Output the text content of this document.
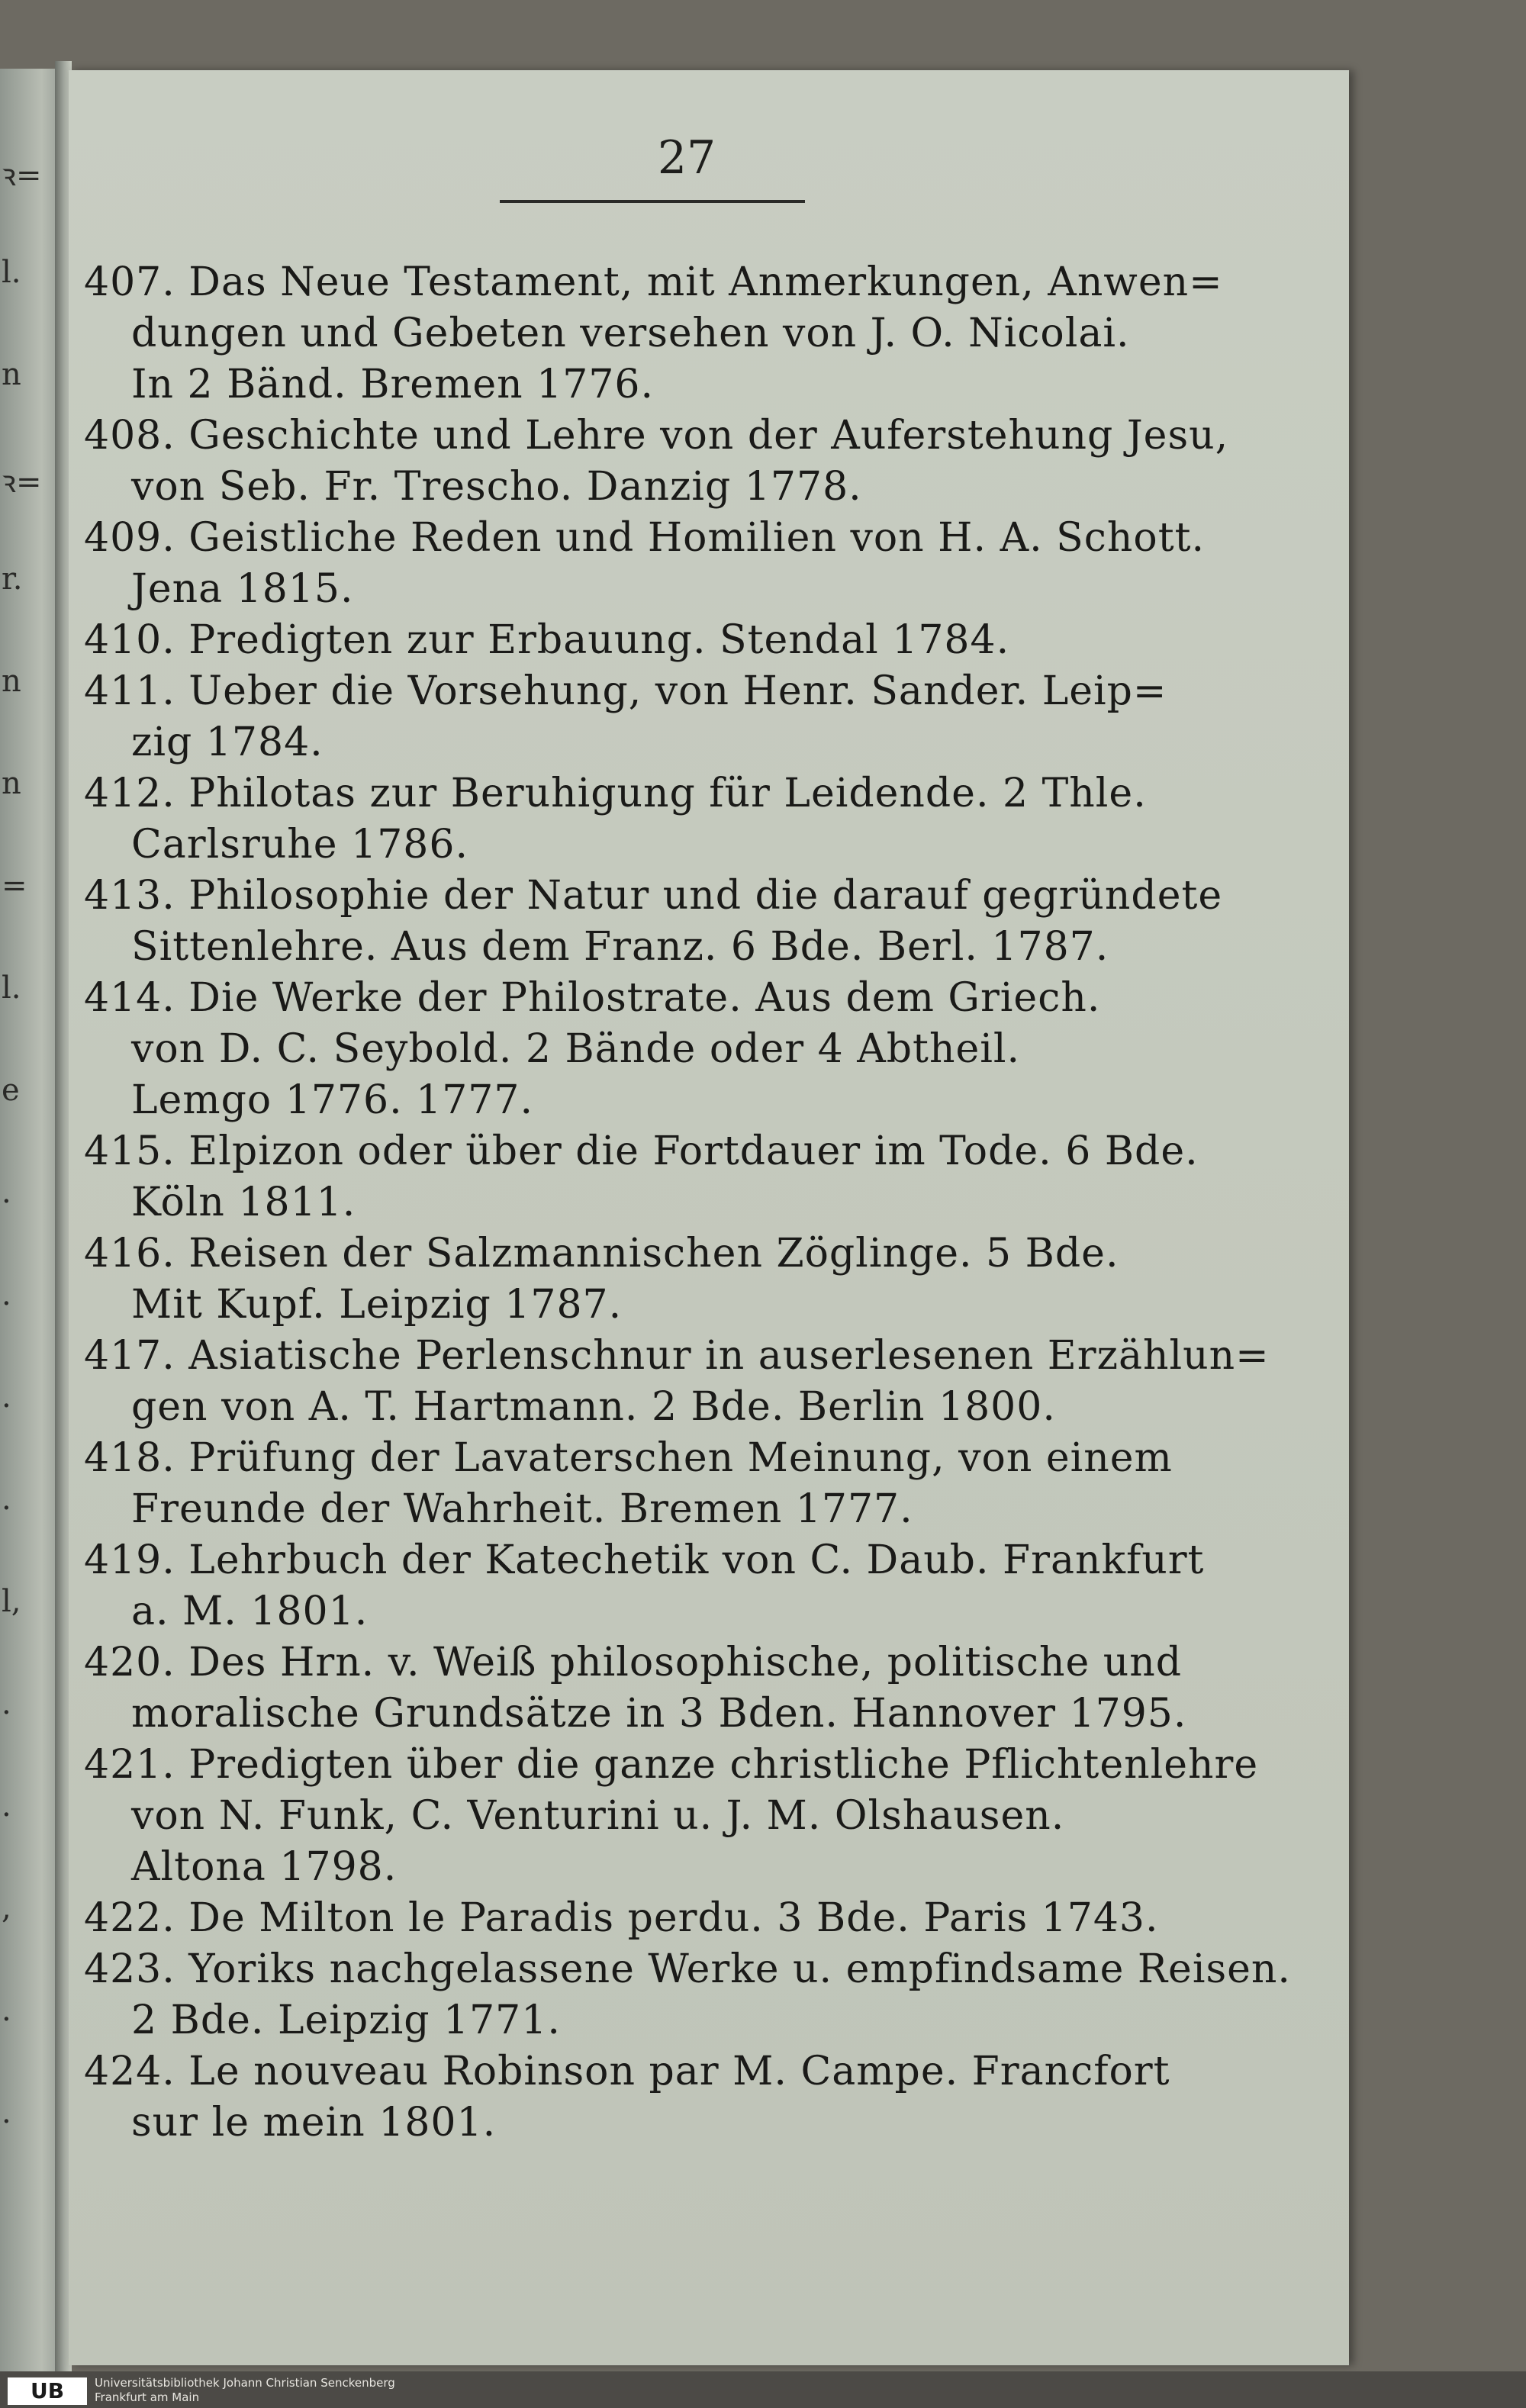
ꝛ=
l.
n
ꝛ=
r.
n
n
=
l.
e
.
.
.
.
l,
.
.
,
.
.
27

407. Das Neue Testament, mit Anmerkungen, Anwen=

dungen und Gebeten versehen von J. O. Nicolai.

In 2 Bänd. Bremen 1776.

408. Geschichte und Lehre von der Auferstehung Jesu,

von Seb. Fr. Trescho. Danzig 1778.

409. Geistliche Reden und Homilien von H. A. Schott.

Jena 1815.

410. Predigten zur Erbauung. Stendal 1784.

411. Ueber die Vorsehung, von Henr. Sander. Leip=

zig 1784.

412. Philotas zur Beruhigung für Leidende. 2 Thle.

Carlsruhe 1786.

413. Philosophie der Natur und die darauf gegründete

Sittenlehre. Aus dem Franz. 6 Bde. Berl. 1787.

414. Die Werke der Philostrate. Aus dem Griech.

von D. C. Seybold. 2 Bände oder 4 Abtheil.

Lemgo 1776. 1777.

415. Elpizon oder über die Fortdauer im Tode. 6 Bde.

Köln 1811.

416. Reisen der Salzmannischen Zöglinge. 5 Bde.

Mit Kupf. Leipzig 1787.

417. Asiatische Perlenschnur in auserlesenen Erzählun=

gen von A. T. Hartmann. 2 Bde. Berlin 1800.

418. Prüfung der Lavaterschen Meinung, von einem

Freunde der Wahrheit. Bremen 1777.

419. Lehrbuch der Katechetik von C. Daub. Frankfurt

a. M. 1801.

420. Des Hrn. v. Weiß philosophische, politische und

moralische Grundsätze in 3 Bden. Hannover 1795.

421. Predigten über die ganze christliche Pflichtenlehre

von N. Funk, C. Venturini u. J. M. Olshausen.

Altona 1798.

422. De Milton le Paradis perdu. 3 Bde. Paris 1743.

423. Yoriks nachgelassene Werke u. empfindsame Reisen.

2 Bde. Leipzig 1771.

424. Le nouveau Robinson par M. Campe. Francfort

sur le mein 1801.

UB	Universitätsbibliothek Johann Christian Senckenberg
Frankfurt am Main
